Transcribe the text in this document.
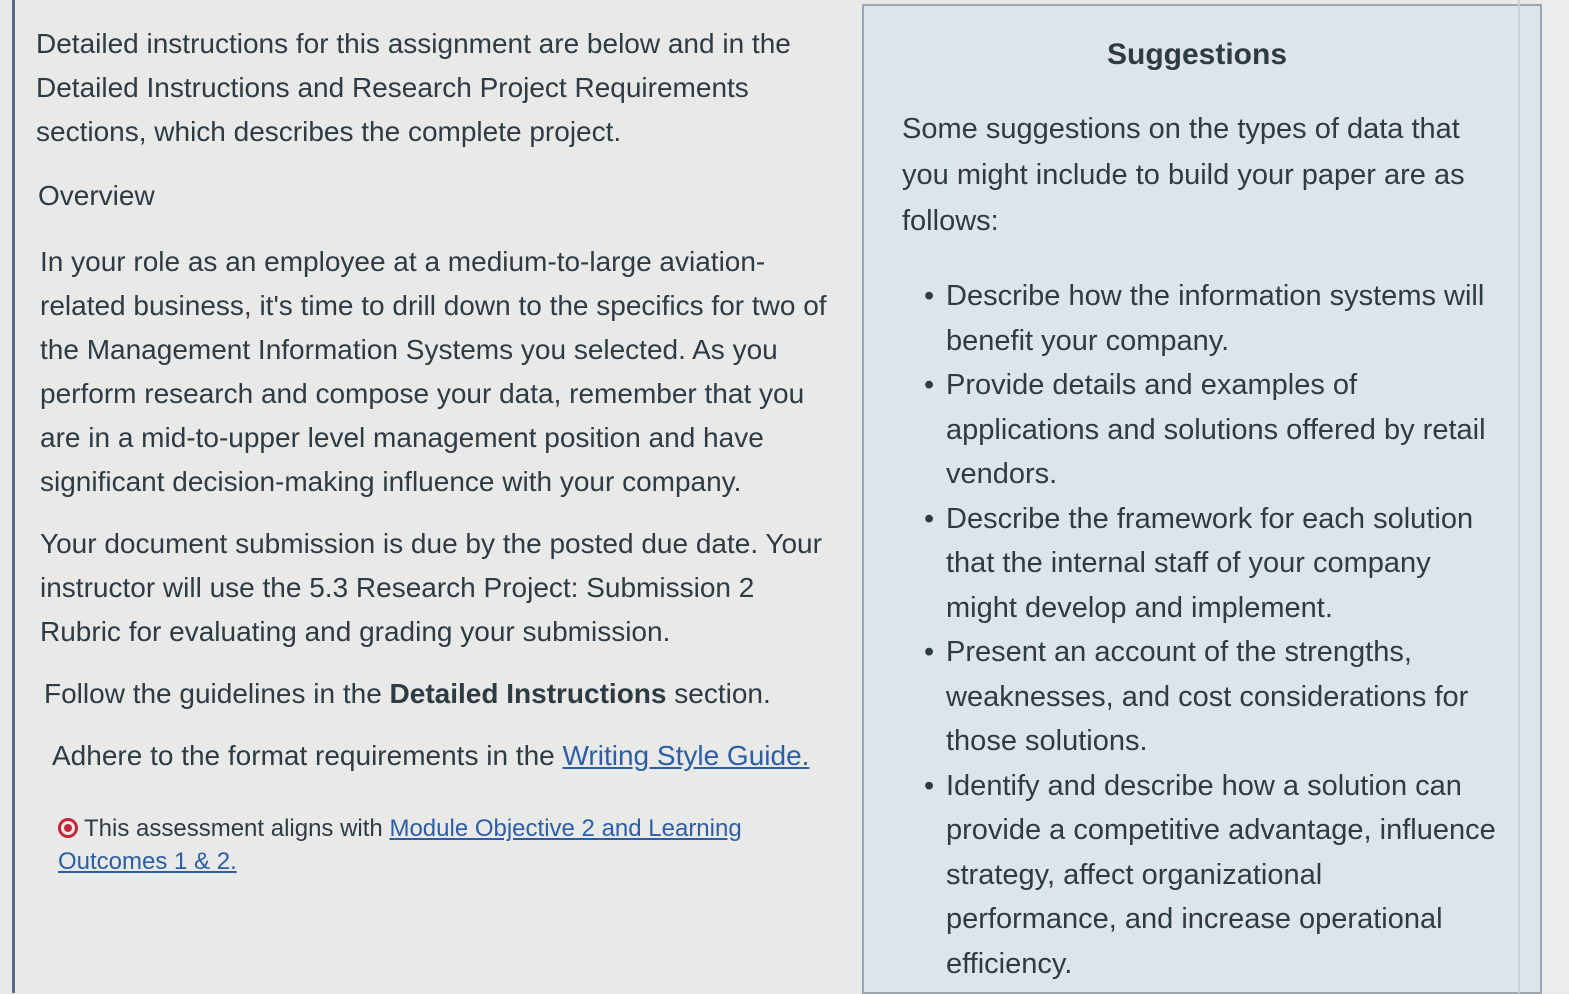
Detailed instructions for this assignment are below and in the Detailed Instructions and Research Project Requirements sections, which describes the complete project.

Overview

In your role as an employee at a medium-to-large aviation-related business, it's time to drill down to the specifics for two of the Management Information Systems you selected. As you perform research and compose your data, remember that you are in a mid-to-upper level management position and have significant decision-making influence with your company.

Your document submission is due by the posted due date. Your instructor will use the 5.3 Research Project: Submission 2 Rubric for evaluating and grading your submission.

Follow the guidelines in the Detailed Instructions section.

Adhere to the format requirements in the Writing Style Guide.

This assessment aligns with Module Objective 2 and Learning Outcomes 1 & 2.

Suggestions

Some suggestions on the types of data that you might include to build your paper are as follows:

• Describe how the information systems will benefit your company.
• Provide details and examples of applications and solutions offered by retail vendors.
• Describe the framework for each solution that the internal staff of your company might develop and implement.
• Present an account of the strengths, weaknesses, and cost considerations for those solutions.
• Identify and describe how a solution can provide a competitive advantage, influence strategy, affect organizational performance, and increase operational efficiency.
